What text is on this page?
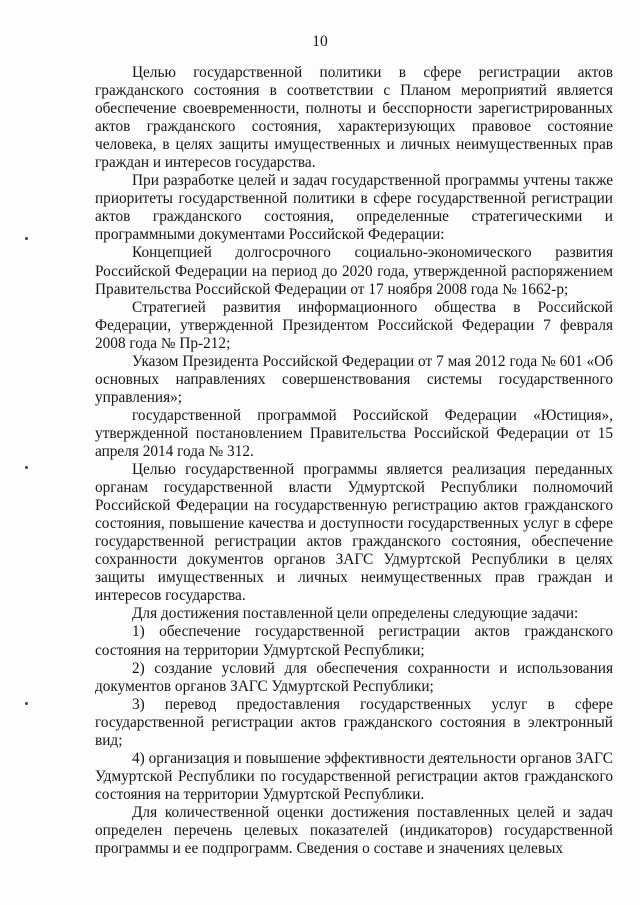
10

Целью государственной политики в сфере регистрации актов гражданского состояния в соответствии с Планом мероприятий является обеспечение своевременности, полноты и бесспорности зарегистрированных актов гражданского состояния, характеризующих правовое состояние человека, в целях защиты имущественных и личных неимущественных прав граждан и интересов государства.

При разработке целей и задач государственной программы учтены также приоритеты государственной политики в сфере государственной регистрации актов гражданского состояния, определенные стратегическими и программными документами Российской Федерации:

Концепцией долгосрочного социально-экономического развития Российской Федерации на период до 2020 года, утвержденной распоряжением Правительства Российской Федерации от 17 ноября 2008 года № 1662-р;

Стратегией развития информационного общества в Российской Федерации, утвержденной Президентом Российской Федерации 7 февраля 2008 года № Пр-212;

Указом Президента Российской Федерации от 7 мая 2012 года № 601 «Об основных направлениях совершенствования системы государственного управления»;

государственной программой Российской Федерации «Юстиция», утвержденной постановлением Правительства Российской Федерации от 15 апреля 2014 года № 312.

Целью государственной программы является реализация переданных органам государственной власти Удмуртской Республики полномочий Российской Федерации на государственную регистрацию актов гражданского состояния, повышение качества и доступности государственных услуг в сфере государственной регистрации актов гражданского состояния, обеспечение сохранности документов органов ЗАГС Удмуртской Республики в целях защиты имущественных и личных неимущественных прав граждан и интересов государства.

Для достижения поставленной цели определены следующие задачи:

1) обеспечение государственной регистрации актов гражданского состояния на территории Удмуртской Республики;

2) создание условий для обеспечения сохранности и использования документов органов ЗАГС Удмуртской Республики;

3) перевод предоставления государственных услуг в сфере государственной регистрации актов гражданского состояния в электронный вид;

4) организация и повышение эффективности деятельности органов ЗАГС Удмуртской Республики по государственной регистрации актов гражданского состояния на территории Удмуртской Республики.

Для количественной оценки достижения поставленных целей и задач определен перечень целевых показателей (индикаторов) государственной программы и ее подпрограмм. Сведения о составе и значениях целевых
